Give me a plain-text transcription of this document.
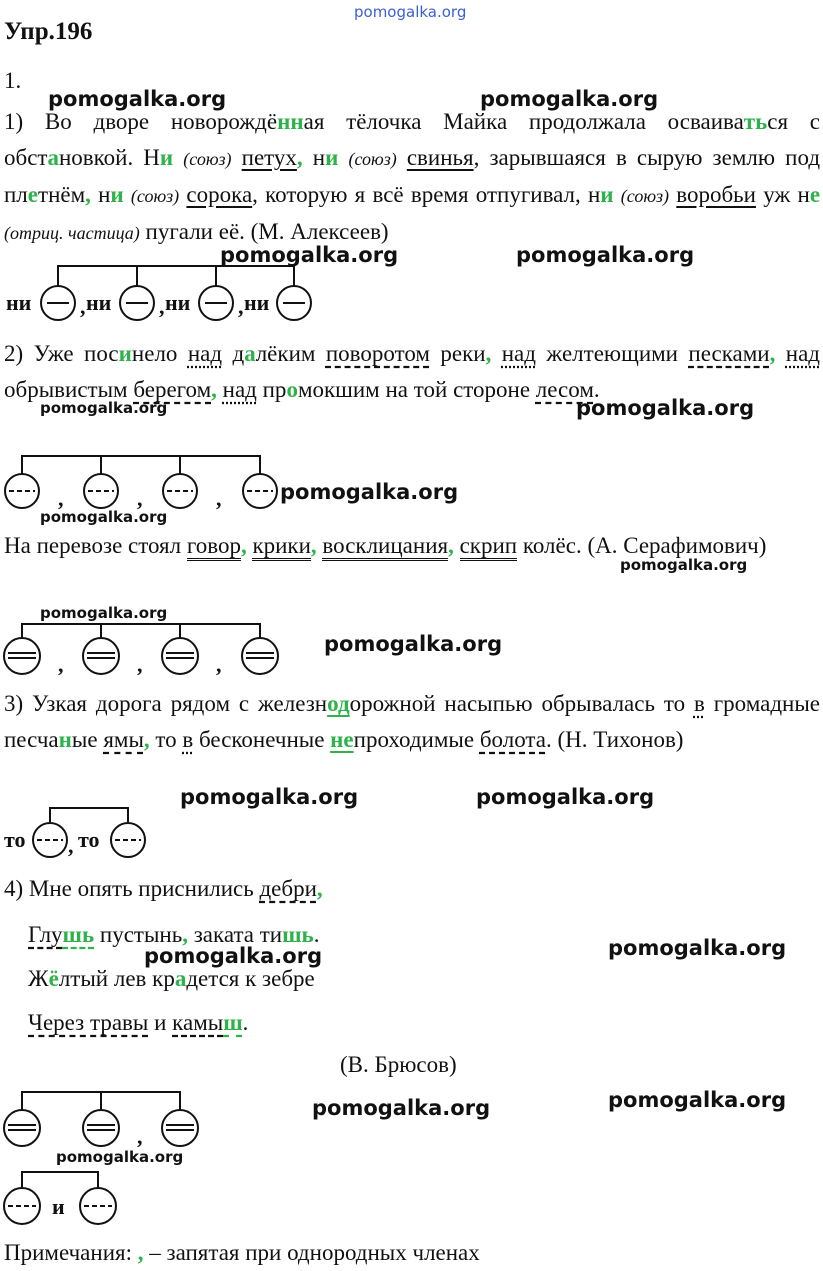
pomogalka.org
pomogalka.org	pomogalka.org
pomogalka.org	pomogalka.org
pomogalka.org	pomogalka.org
pomogalka.org
pomogalka.org
pomogalka.org
pomogalka.org
pomogalka.org
pomogalka.org	pomogalka.org
pomogalka.org
pomogalka.org
pomogalka.org	pomogalka.org
pomogalka.org
Упр.196
1.
1) Во дворе новорождённая тёлочка Майка продолжала осваиваться с обстановкой. Ни (союз) петух, ни (союз) свинья, зарывшаяся в сырую землю под плетнём, ни (союз) сорока, которую я всё время отпугивал, ни (союз) воробьи уж не (отриц. частица) пугали её. (М. Алексеев)
ни , ни , ни , ни
2) Уже посинело над далёким поворотом реки, над желтеющими песками, над обрывистым берегом, над промокшим на той стороне лесом.
,	,	,
На перевозе стоял говор, крики, восклицания, скрип колёс. (А. Серафимович)
,	,	,
3) Узкая дорога рядом с железнодорожной насыпью обрывалась то в громадные песчаные ямы, то в бесконечные непроходимые болота. (Н. Тихонов)
то , то
4) Мне опять приснились дебри,
Глушь пустынь, заката тишь.
Жёлтый лев крадется к зебре
Через травы и камыш.
(В. Брюсов)
,
и
Примечания: , – запятая при однородных членах
